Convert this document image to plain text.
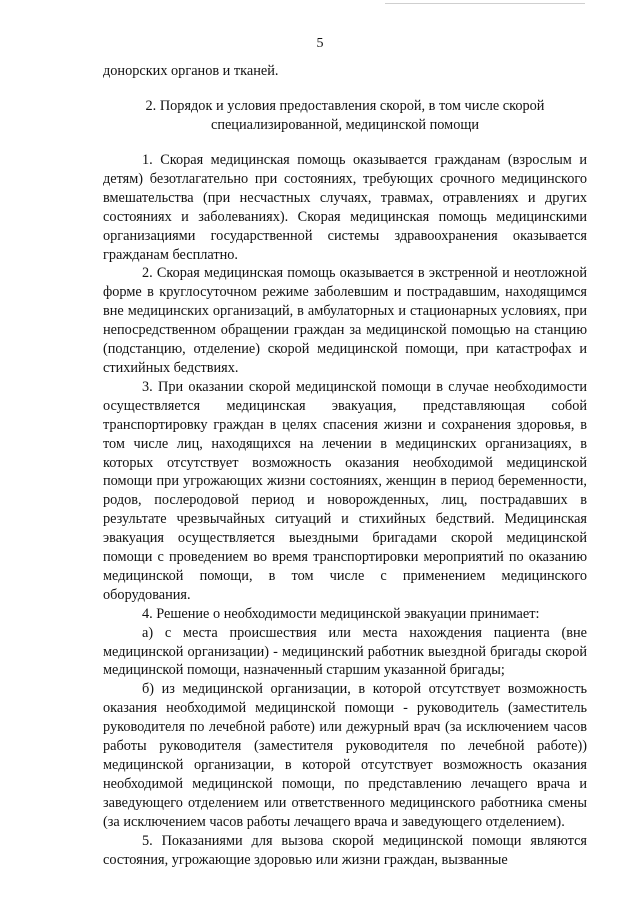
5
донорских органов и тканей.
2. Порядок и условия предоставления скорой, в том числе скорой специализированной, медицинской помощи

1. Скорая медицинская помощь оказывается гражданам (взрослым и детям) безотлагательно при состояниях, требующих срочного медицинского вмешательства (при несчастных случаях, травмах, отравлениях и других состояниях и заболеваниях). Скорая медицинская помощь медицинскими организациями государственной системы здравоохранения оказывается гражданам бесплатно.

2. Скорая медицинская помощь оказывается в экстренной и неотложной форме в круглосуточном режиме заболевшим и пострадавшим, находящимся вне медицинских организаций, в амбулаторных и стационарных условиях, при непосредственном обращении граждан за медицинской помощью на станцию (подстанцию, отделение) скорой медицинской помощи, при катастрофах и стихийных бедствиях.

3. При оказании скорой медицинской помощи в случае необходимости осуществляется медицинская эвакуация, представляющая собой транспортировку граждан в целях спасения жизни и сохранения здоровья, в том числе лиц, находящихся на лечении в медицинских организациях, в которых отсутствует возможность оказания необходимой медицинской помощи при угрожающих жизни состояниях, женщин в период беременности, родов, послеродовой период и новорожденных, лиц, пострадавших в результате чрезвычайных ситуаций и стихийных бедствий. Медицинская эвакуация осуществляется выездными бригадами скорой медицинской помощи с проведением во время транспортировки мероприятий по оказанию медицинской помощи, в том числе с применением медицинского оборудования.

4. Решение о необходимости медицинской эвакуации принимает:

а) с места происшествия или места нахождения пациента (вне медицинской организации) - медицинский работник выездной бригады скорой медицинской помощи, назначенный старшим указанной бригады;

б) из медицинской организации, в которой отсутствует возможность оказания необходимой медицинской помощи - руководитель (заместитель руководителя по лечебной работе) или дежурный врач (за исключением часов работы руководителя (заместителя руководителя по лечебной работе)) медицинской организации, в которой отсутствует возможность оказания необходимой медицинской помощи, по представлению лечащего врача и заведующего отделением или ответственного медицинского работника смены (за исключением часов работы лечащего врача и заведующего отделением).

5. Показаниями для вызова скорой медицинской помощи являются состояния, угрожающие здоровью или жизни граждан, вызванные
